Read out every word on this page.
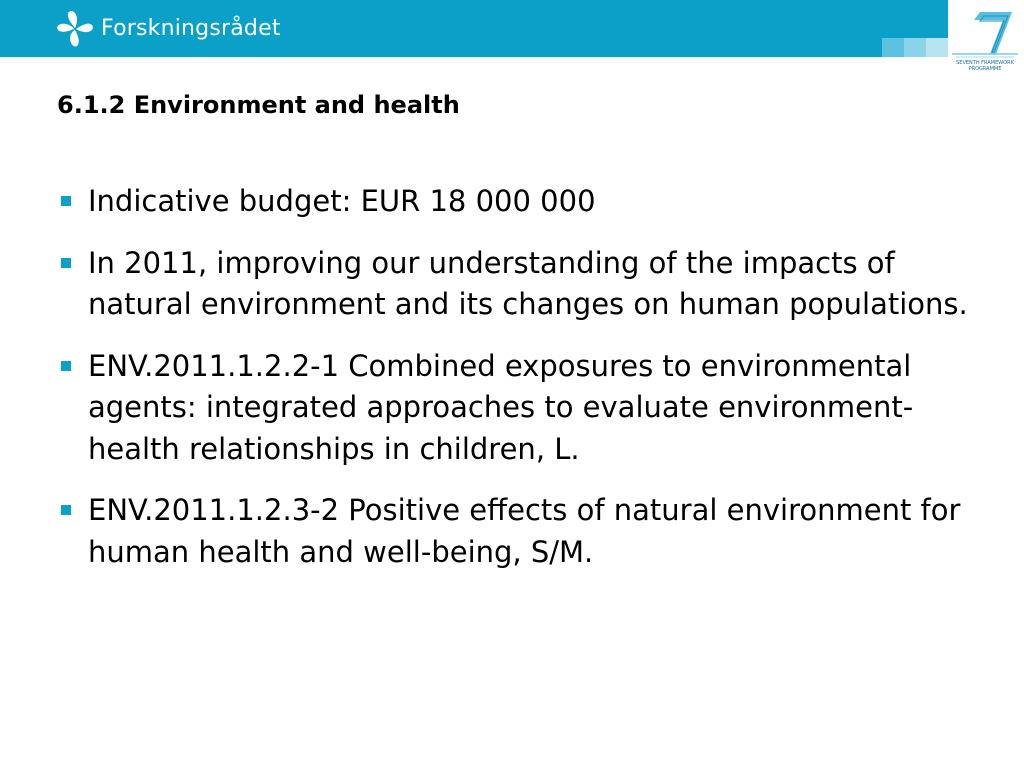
Forskningsrådet
SEVENTH FRAMEWORK
PROGRAMME
6.1.2 Environment and health
Indicative budget: EUR 18 000 000
In 2011, improving our understanding of the impacts of natural environment and its changes on human populations.
ENV.2011.1.2.2-1 Combined exposures to environmental agents: integrated approaches to evaluate environment-health relationships in children, L.
ENV.2011.1.2.3-2 Positive effects of natural environment for human health and well-being, S/M.
